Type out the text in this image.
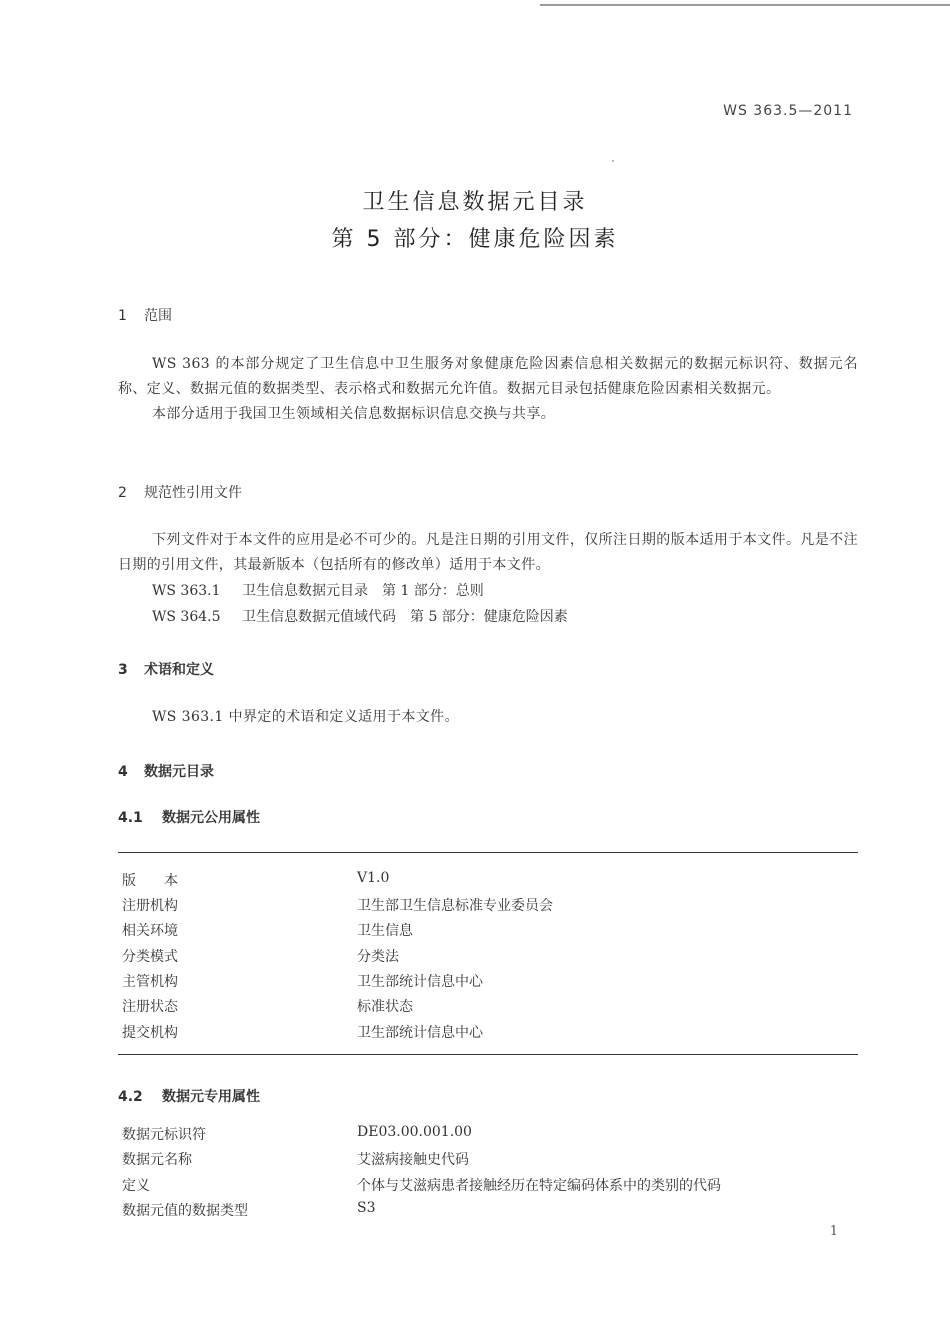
WS 363.5—2011
卫生信息数据元目录
第 5 部分：健康危险因素
1 范围

WS 363 的本部分规定了卫生信息中卫生服务对象健康危险因素信息相关数据元的数据元标识符、数据元名称、定义、数据元值的数据类型、表示格式和数据元允许值。数据元目录包括健康危险因素相关数据元。

本部分适用于我国卫生领域相关信息数据标识信息交换与共享。

2 规范性引用文件

下列文件对于本文件的应用是必不可少的。凡是注日期的引用文件，仅所注日期的版本适用于本文件。凡是不注日期的引用文件，其最新版本（包括所有的修改单）适用于本文件。

WS 363.1 卫生信息数据元目录　第 1 部分：总则
WS 364.5 卫生信息数据元值域代码　第 5 部分：健康危险因素
3 术语和定义

WS 363.1 中界定的术语和定义适用于本文件。

4 数据元目录
4.1 数据元公用属性
版　　本	V1.0
注册机构	卫生部卫生信息标准专业委员会
相关环境	卫生信息
分类模式	分类法
主管机构	卫生部统计信息中心
注册状态	标准状态
提交机构	卫生部统计信息中心
4.2 数据元专用属性
数据元标识符	DE03.00.001.00
数据元名称	艾滋病接触史代码
定义	个体与艾滋病患者接触经历在特定编码体系中的类别的代码
数据元值的数据类型	S3
1
